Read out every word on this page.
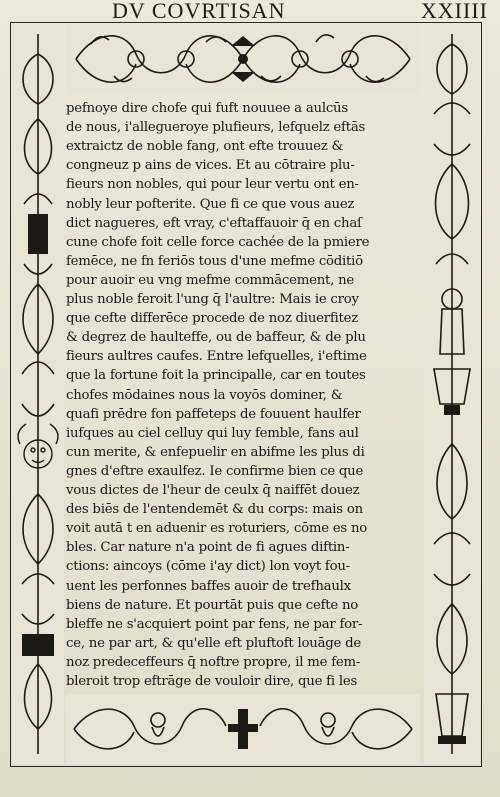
DV COVRTISAN	XXIIII
pefnoye dire chofe qui fuft nouuee a aulcūs
de nous, i'allegueroye plufieurs, lefquelz eftās
extraictz de noble fang, ont efte trouuez &
congneuz p ains de vices. Et au cōtraire plu-
fieurs non nobles, qui pour leur vertu ont en-
nobly leur pofterite. Que fi ce que vous auez
dict nagueres, eft vray, c'eftaffauoir q̄ en chaſ
cune chofe foit celle force cachée de la pmiere
femēce, ne fn feriōs tous d'une mefme cōditiō
pour auoir eu vng mefme commācement, ne
plus noble feroit l'ung q̄ l'aultre: Mais ie croy
que cefte differēce procede de noz diuerfitez
& degrez de haulteffe, ou de baffeur, & de plu
fieurs aultres caufes. Entre lefquelles, i'eftime
que la fortune foit la principalle, car en toutes
chofes mōdaines nous la voyōs dominer, &
quafi prēdre fon paffeteps de fouuent haulfer
iufques au ciel celluy qui luy femble, fans aul
cun merite, & enfepuelir en abifme les plus di
gnes d'eftre exaulfez. Ie confirme bien ce que
vous dictes de l'heur de ceulx q̄ naiffēt douez
des biēs de l'entendemēt & du corps: mais on
voit autā t en aduenir es roturiers, cōme es no
bles. Car nature n'a point de fi agues diftin-
ctions: aincoys (cōme i'ay dict) lon voyt fou-
uent les perfonnes baffes auoir de trefhaulx
biens de nature. Et pourtāt puis que cefte no
bleffe ne s'acquiert point par fens, ne par for-
ce, ne par art, & qu'elle eft pluftoft louāge de
noz predeceffeurs q̄ noftre propre, il me fem-
bleroit trop eftrāge de vouloir dire, que fi les
